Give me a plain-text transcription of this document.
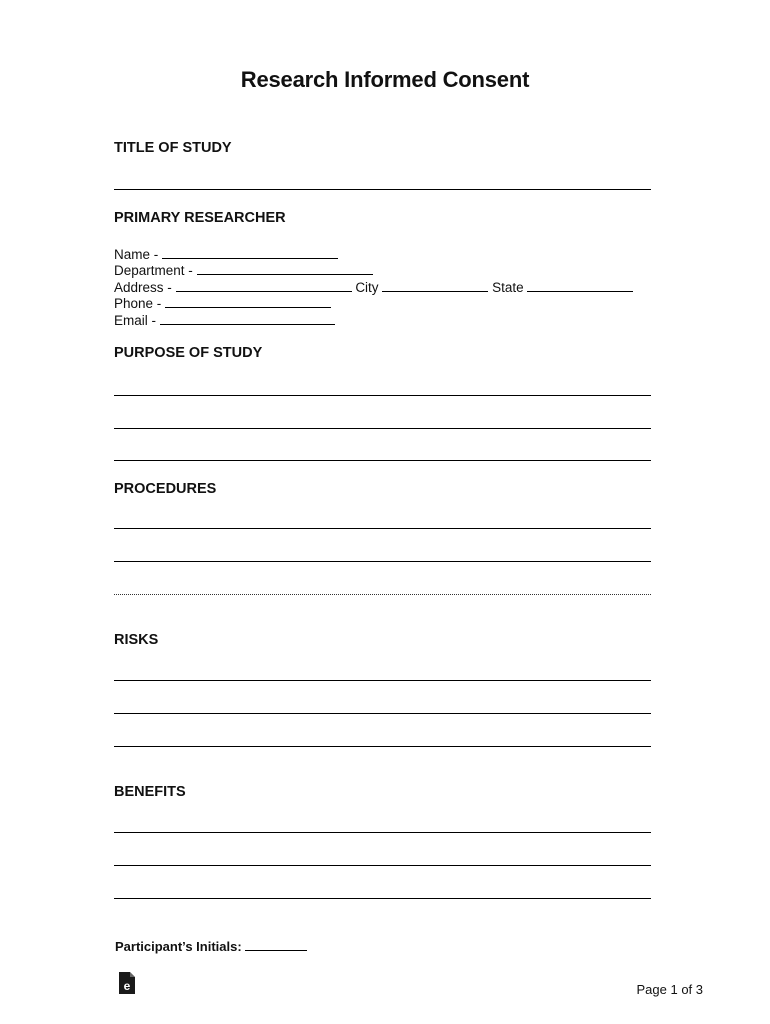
Research Informed Consent
TITLE OF STUDY
PRIMARY RESEARCHER
Name -
Department -
Address -	City	State
Phone -
Email -
PURPOSE OF STUDY
PROCEDURES
RISKS
BENEFITS
Participant’s Initials:
e	Page 1 of 3
